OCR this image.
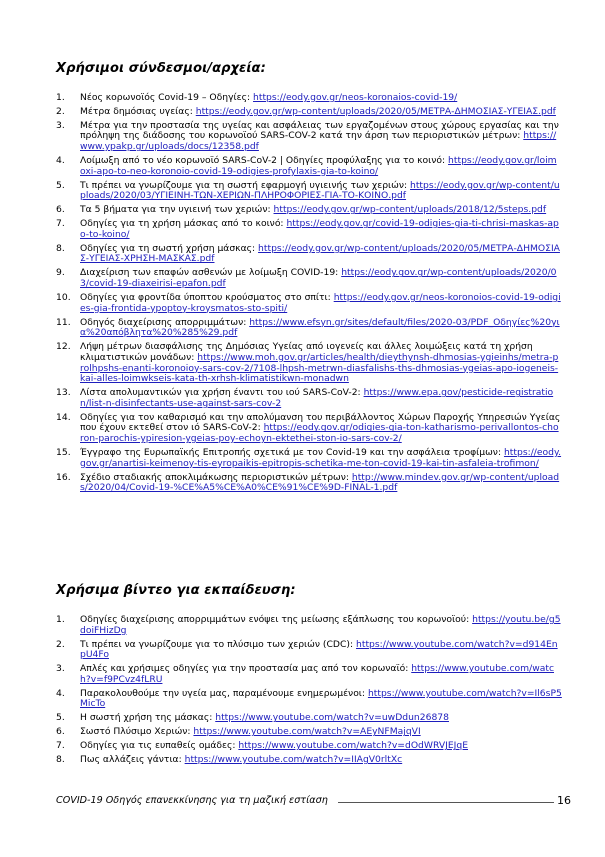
Χρήσιμοι σύνδεσμοι/αρχεία:
1. Νέος κορωνοϊός Covid-19 – Οδηγίες: https://eody.gov.gr/neos-koronaios-covid-19/
2. Μέτρα δημόσιας υγείας: https://eody.gov.gr/wp-content/uploads/2020/05/ΜΕΤΡΑ-ΔΗΜΟΣΙΑΣ-ΥΓΕΙΑΣ.pdf
3. Μέτρα για την προστασία της υγείας και ασφάλειας των εργαζομένων στους χώρους εργασίας και την πρόληψη της διάδοσης του κορωνοϊού SARS-COV-2 κατά την άρση των περιοριστικών μέτρων: https://www.ypakp.gr/uploads/docs/12358.pdf
4. Λοίμωξη από το νέο κορωνοϊό SARS-CoV-2 | Οδηγίες προφύλαξης για το κοινό: https://eody.gov.gr/loimoxi-apo-to-neo-koronoio-covid-19-odigies-profylaxis-gia-to-koino/
5. Τι πρέπει να γνωρίζουμε για τη σωστή εφαρμογή υγιεινής των χεριών: https://eody.gov.gr/wp-content/uploads/2020/03/ΥΓΙΕΙΝΗ-ΤΩΝ-ΧΕΡΙΩΝ-ΠΛΗΡΟΦΟΡΙΕΣ-ΓΙΑ-ΤΟ-ΚΟΙΝΟ.pdf
6. Τα 5 βήματα για την υγιεινή των χεριών: https://eody.gov.gr/wp-content/uploads/2018/12/5steps.pdf
7. Οδηγίες για τη χρήση μάσκας από το κοινό: https://eody.gov.gr/covid-19-odigies-gia-ti-chrisi-maskas-apo-to-koino/
8. Οδηγίες για τη σωστή χρήση μάσκας: https://eody.gov.gr/wp-content/uploads/2020/05/ΜΕΤΡΑ-ΔΗΜΟΣΙΑΣ-ΥΓΕΙΑΣ-ΧΡΗΣΗ-ΜΑΣΚΑΣ.pdf
9. Διαχείριση των επαφών ασθενών με λοίμωξη COVID-19: https://eody.gov.gr/wp-content/uploads/2020/03/covid-19-diaxeirisi-epafon.pdf
10. Οδηγίες για φροντίδα ύποπτου κρούσματος στο σπίτι: https://eody.gov.gr/neos-koronoios-covid-19-odigies-gia-frontida-ypoptoy-kroysmatos-sto-spiti/
11. Οδηγός διαχείρισης απορριμμάτων: https://www.efsyn.gr/sites/default/files/2020-03/PDF_Οδηγίες%20για%20απόβλητα%20%285%29.pdf
12. Λήψη μέτρων διασφάλισης της Δημόσιας Υγείας από ιογενείς και άλλες λοιμώξεις κατά τη χρήση κλιματιστικών μονάδων: https://www.moh.gov.gr/articles/health/dieythynsh-dhmosias-ygieinhs/metra-prolhpshs-enanti-koronoioy-sars-cov-2/7108-lhpsh-metrwn-diasfalishs-ths-dhmosias-ygeias-apo-iogeneis-kai-alles-loimwkseis-kata-th-xrhsh-klimatistikwn-monadwn
13. Λίστα απολυμαντικών για χρήση έναντι του ιού SARS-CoV-2: https://www.epa.gov/pesticide-registration/list-n-disinfectants-use-against-sars-cov-2
14. Οδηγίες για τον καθαρισμό και την απολύμανση του περιβάλλοντος Χώρων Παροχής Υπηρεσιών Υγείας που έχουν εκτεθεί στον ιό SARS-CoV-2: https://eody.gov.gr/odigies-gia-ton-katharismo-perivallontos-choron-parochis-ypiresion-ygeias-poy-echoyn-ektethei-ston-io-sars-cov-2/
15. Έγγραφο της Ευρωπαϊκής Επιτροπής σχετικά με τον Covid-19 και την ασφάλεια τροφίμων: https://eody.gov.gr/anartisi-keimenoy-tis-eyropaikis-epitropis-schetika-me-ton-covid-19-kai-tin-asfaleia-trofimon/
16. Σχέδιο σταδιακής αποκλιμάκωσης περιοριστικών μέτρων: http://www.mindev.gov.gr/wp-content/uploads/2020/04/Covid-19-%CE%A5%CE%A0%CE%91%CE%9D-FINAL-1.pdf
Χρήσιμα βίντεο για εκπαίδευση:
1. Οδηγίες διαχείρισης απορριμμάτων ενόψει της μείωσης εξάπλωσης του κορωνοϊού: https://youtu.be/g5doiFHizDg
2. Τι πρέπει να γνωρίζουμε για το πλύσιμο των χεριών (CDC): https://www.youtube.com/watch?v=d914EnpU4Fo
3. Απλές και χρήσιμες οδηγίες για την προστασία μας από τον κορωναϊό: https://www.youtube.com/watch?v=f9PCvz4fLRU
4. Παρακολουθούμε την υγεία μας, παραμένουμε ενημερωμένοι: https://www.youtube.com/watch?v=Il6sP5MicTo
5. Η σωστή χρήση της μάσκας: https://www.youtube.com/watch?v=uwDdun26878
6. Σωστό Πλύσιμο Χεριών: https://www.youtube.com/watch?v=AEyNFMajqVI
7. Οδηγίες για τις ευπαθείς ομάδες: https://www.youtube.com/watch?v=dOdWRVJEJqE
8. Πως αλλάζεις γάντια: https://www.youtube.com/watch?v=IIAgV0rltXc
COVID-19 Οδηγός επανεκκίνησης για τη μαζική εστίαση	16
